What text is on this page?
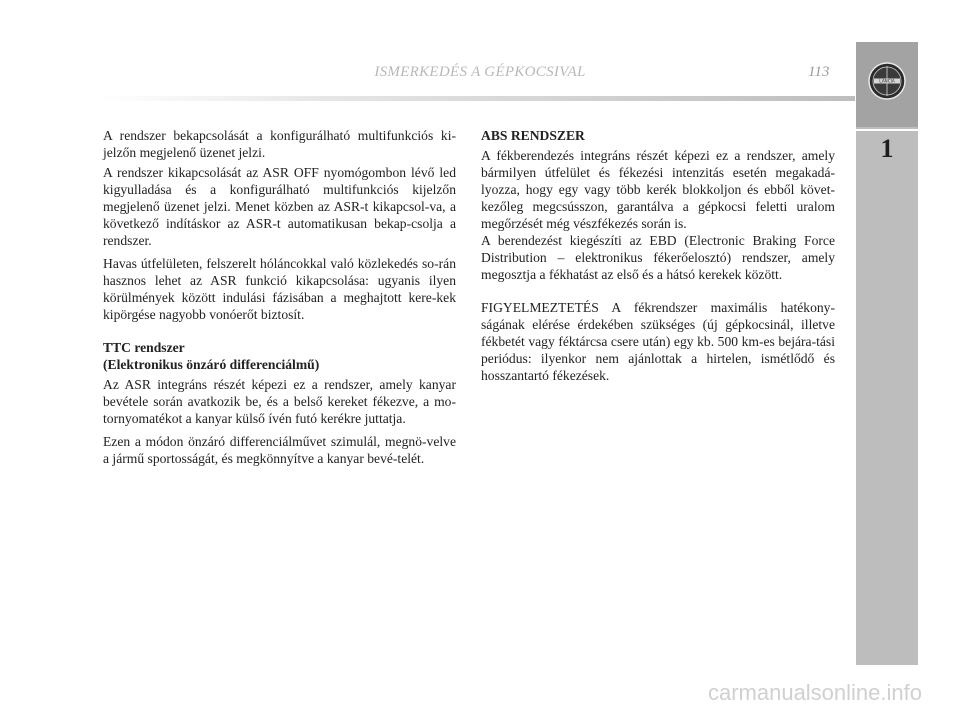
ISMERKEDÉS A GÉPKOCSIVAL	113
LANCIA
1

A rendszer bekapcsolását a konfigurálható multifunkciós ki-jelzőn megjelenő üzenet jelzi.

A rendszer kikapcsolását az ASR OFF nyomógombon lévő led kigyulladása és a konfigurálható multifunkciós kijelzőn megjelenő üzenet jelzi. Menet közben az ASR-t kikapcsol-va, a következő indításkor az ASR-t automatikusan bekap-csolja a rendszer.

Havas útfelületen, felszerelt hóláncokkal való közlekedés so-rán hasznos lehet az ASR funkció kikapcsolása: ugyanis ilyen körülmények között indulási fázisában a meghajtott kere-kek kipörgése nagyobb vonóerőt biztosít.

TTC rendszer
(Elektronikus önzáró differenciálmű)

Az ASR integráns részét képezi ez a rendszer, amely kanyar bevétele során avatkozik be, és a belső kereket fékezve, a mo-tornyomatékot a kanyar külső ívén futó kerékre juttatja.

Ezen a módon önzáró differenciálművet szimulál, megnö-velve a jármű sportosságát, és megkönnyítve a kanyar bevé-telét.

ABS RENDSZER

A fékberendezés integráns részét képezi ez a rendszer, amely bármilyen útfelület és fékezési intenzitás esetén megakadá-lyozza, hogy egy vagy több kerék blokkoljon és ebből követ-kezőleg megcsússzon, garantálva a gépkocsi feletti uralom megőrzését még vészfékezés során is.

A berendezést kiegészíti az EBD (Electronic Braking Force Distribution – elektronikus fékerőelosztó) rendszer, amely megosztja a fékhatást az első és a hátsó kerekek között.

FIGYELMEZTETÉS A fékrendszer maximális hatékony-ságának elérése érdekében szükséges (új gépkocsinál, illetve fékbetét vagy féktárcsa csere után) egy kb. 500 km-es bejára-tási periódus: ilyenkor nem ajánlottak a hirtelen, ismétlődő és hosszantartó fékezések.

carmanualsonline.info
